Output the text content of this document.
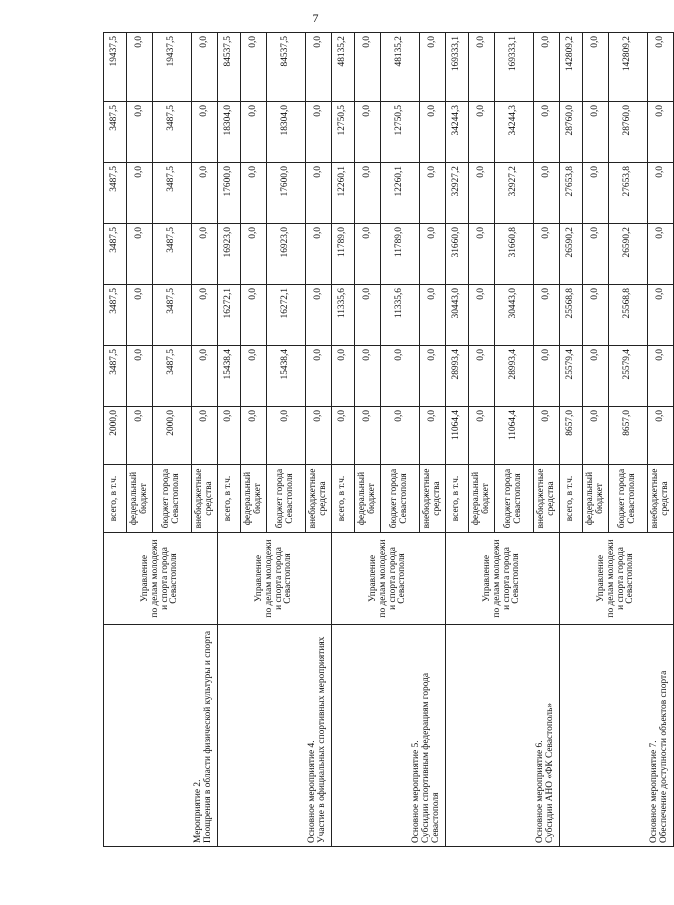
7
Мероприятие 2.
Поощрения в области физической культуры и спорта	Управление
по делам молодежи
и спорта города Севастополя	всего, в т.ч.	2000,0	3487,5	3487,5	3487,5	3487,5	3487,5	19437,5
		федеральный бюджет	0,0	0,0	0,0	0,0	0,0	0,0	0,0
		бюджет города Севастополя	2000,0	3487,5	3487,5	3487,5	3487,5	3487,5	19437,5
		внебюджетные средства	0,0	0,0	0,0	0,0	0,0	0,0	0,0
Основное мероприятие 4.
Участие в официальных спортивных мероприятиях	Управление
по делам молодежи
и спорта города Севастополя	всего, в т.ч.	0,0	15438,4	16272,1	16923,0	17600,0	18304,0	84537,5
		федеральный бюджет	0,0	0,0	0,0	0,0	0,0	0,0	0,0
		бюджет города Севастополя	0,0	15438,4	16272,1	16923,0	17600,0	18304,0	84537,5
		внебюджетные средства	0,0	0,0	0,0	0,0	0,0	0,0	0,0
Основное мероприятие 5.
Субсидии спортивным федерациям города Севастополя	Управление
по делам молодежи
и спорта города Севастополя	всего, в т.ч.	0,0	0,0	11335,6	11789,0	12260,1	12750,5	48135,2
		федеральный бюджет	0,0	0,0	0,0	0,0	0,0	0,0	0,0
		бюджет города Севастополя	0,0	0,0	11335,6	11789,0	12260,1	12750,5	48135,2
		внебюджетные средства	0,0	0,0	0,0	0,0	0,0	0,0	0,0
Основное мероприятие 6.
Субсидии АНО «ФК Севастополь»	Управление
по делам молодежи
и спорта города Севастополя	всего, в т.ч.	11064,4	28993,4	30443,0	31660,0	32927,2	34244,3	169333,1
		федеральный бюджет	0,0	0,0	0,0	0,0	0,0	0,0	0,0
		бюджет города Севастополя	11064,4	28993,4	30443,0	31660,8	32927,2	34244,3	169333,1
		внебюджетные средства	0,0	0,0	0,0	0,0	0,0	0,0	0,0
Основное мероприятие 7.
Обеспечение доступности объектов спорта	Управление
по делам молодежи
и спорта города Севастополя	всего, в т.ч.	8657,0	25579,4	25568,8	26590,2	27653,8	28760,0	142809,2
		федеральный бюджет	0,0	0,0	0,0	0,0	0,0	0,0	0,0
		бюджет города Севастополя	8657,0	25579,4	25568,8	26590,2	27653,8	28760,0	142809,2
		внебюджетные средства	0,0	0,0	0,0	0,0	0,0	0,0	0,0
